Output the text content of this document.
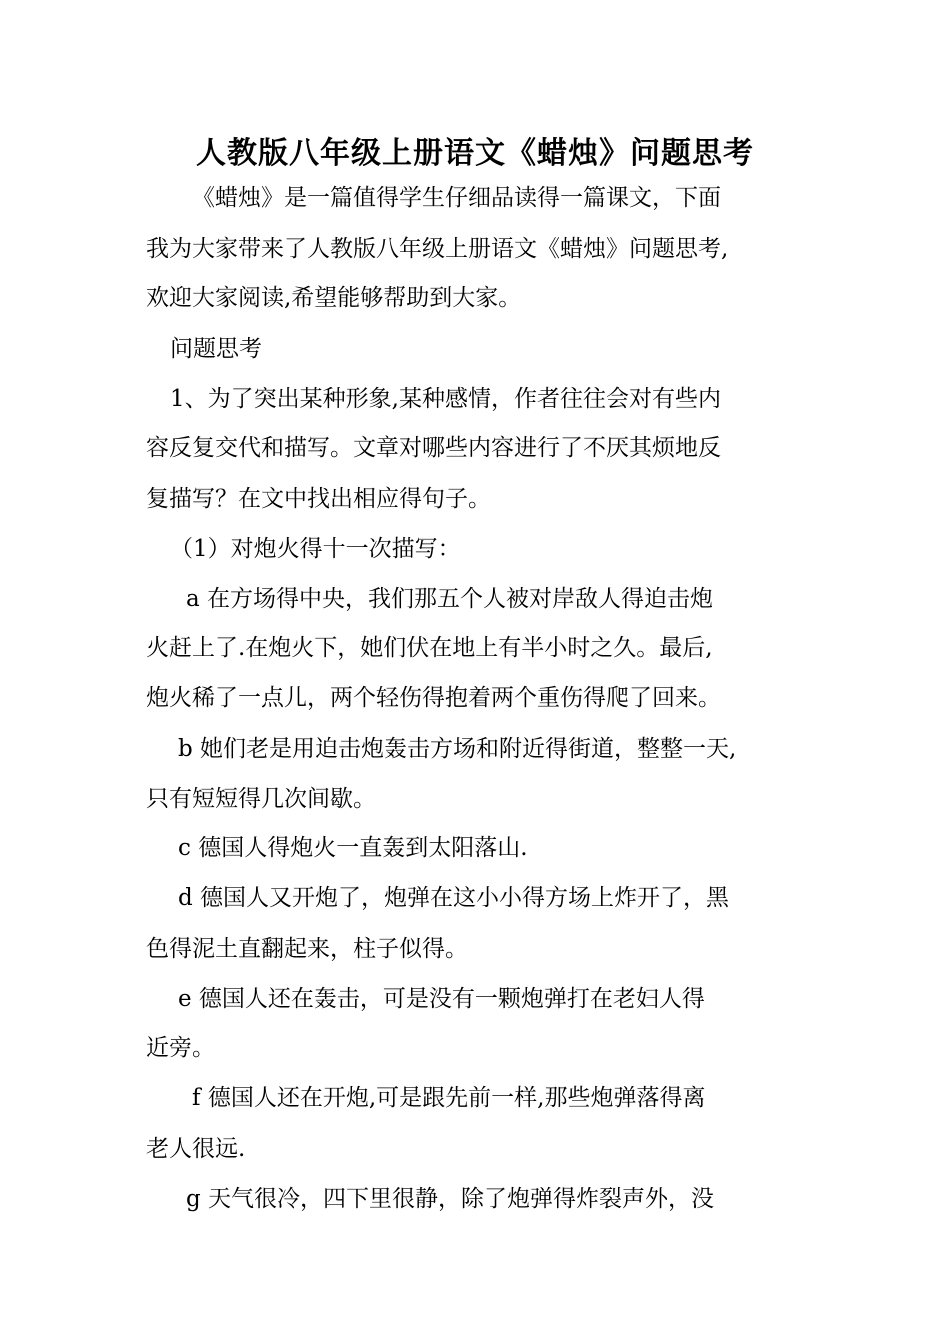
人教版八年级上册语文《蜡烛》问题思考
《蜡烛》是一篇值得学生仔细品读得一篇课文，下面
我为大家带来了人教版八年级上册语文《蜡烛》问题思考,
欢迎大家阅读,希望能够帮助到大家。
问题思考
1、为了突出某种形象,某种感情，作者往往会对有些内
容反复交代和描写。文章对哪些内容进行了不厌其烦地反
复描写？在文中找出相应得句子。
（1）对炮火得十一次描写：
a 在方场得中央，我们那五个人被对岸敌人得迫击炮
火赶上了.在炮火下，她们伏在地上有半小时之久。最后,
炮火稀了一点儿，两个轻伤得抱着两个重伤得爬了回来。
b 她们老是用迫击炮轰击方场和附近得街道，整整一天,
只有短短得几次间歇。
c 德国人得炮火一直轰到太阳落山.
d 德国人又开炮了，炮弹在这小小得方场上炸开了，黑
色得泥土直翻起来，柱子似得。
e 德国人还在轰击，可是没有一颗炮弹打在老妇人得
近旁。
f 德国人还在开炮,可是跟先前一样,那些炮弹落得离
老人很远.
g 天气很冷，四下里很静，除了炮弹得炸裂声外，没
